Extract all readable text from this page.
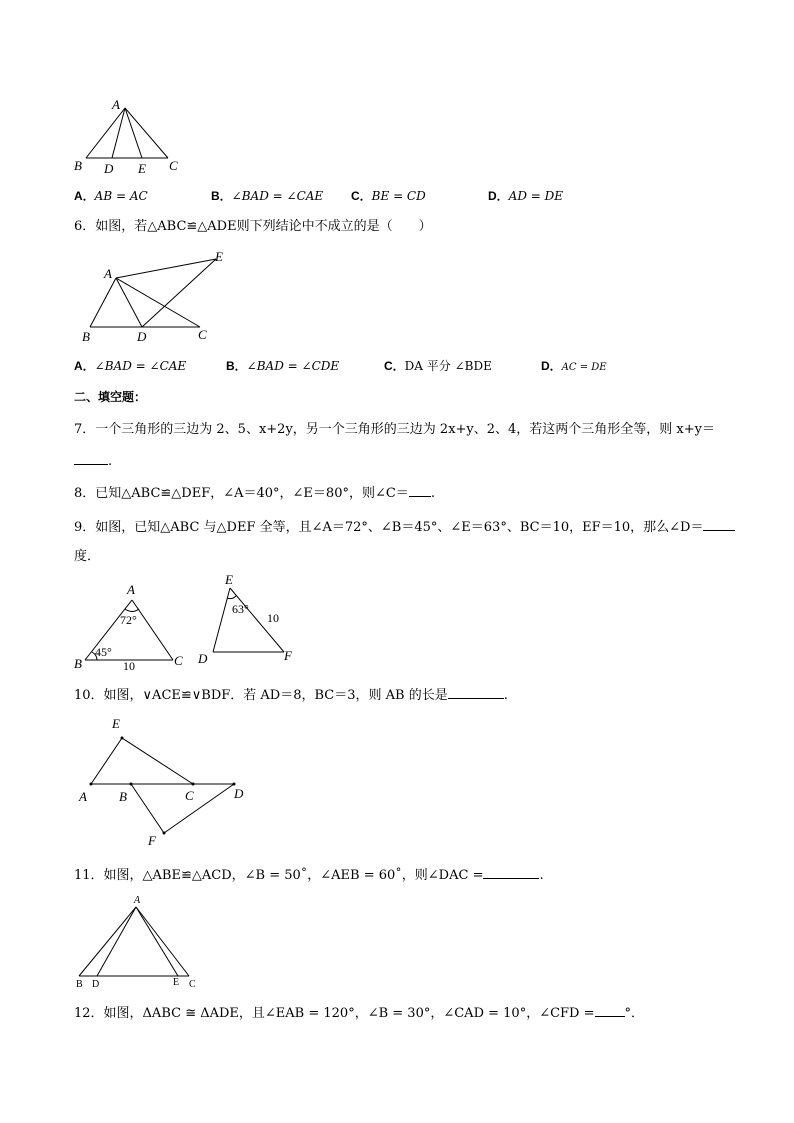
A
B D E C
A．AB = AC	B．∠BAD = ∠CAE C．BE = CD	D．AD = DE
6．如图，若△ABC≌△ADE则下列结论中不成立的是（　　）
A
E
B	D	C
A．∠BAD = ∠CAE	B．∠BAD = ∠CDE	C．DA 平分 ∠BDE	D．AC = DE
二、填空题：
7．一个三角形的三边为 2、5、x+2y，另一个三角形的三边为 2x+y、2、4，若这两个三角形全等，则 x+y＝
.
8．已知△ABC≌△DEF，∠A＝40°，∠E＝80°，则∠C＝ .
9．如图，已知△ABC 与△DEF 全等，且∠A＝72°、∠B＝45°、∠E＝63°、BC＝10，EF＝10，那么∠D＝
度．
A
72°
B
45°
10	C
E
63°
10
D	F
10．如图，∨ACE≌∨BDF．若 AD＝8，BC＝3，则 AB 的长是	.
E
A B	C	D
F
11．如图，△ABE≌△ACD，∠B = 50˚，∠AEB = 60˚，则∠DAC =	.
A
B D	E C
12．如图，ΔABC ≅ ΔADE，且∠EAB = 120°，∠B = 30°，∠CAD = 10°，∠CFD = °．
